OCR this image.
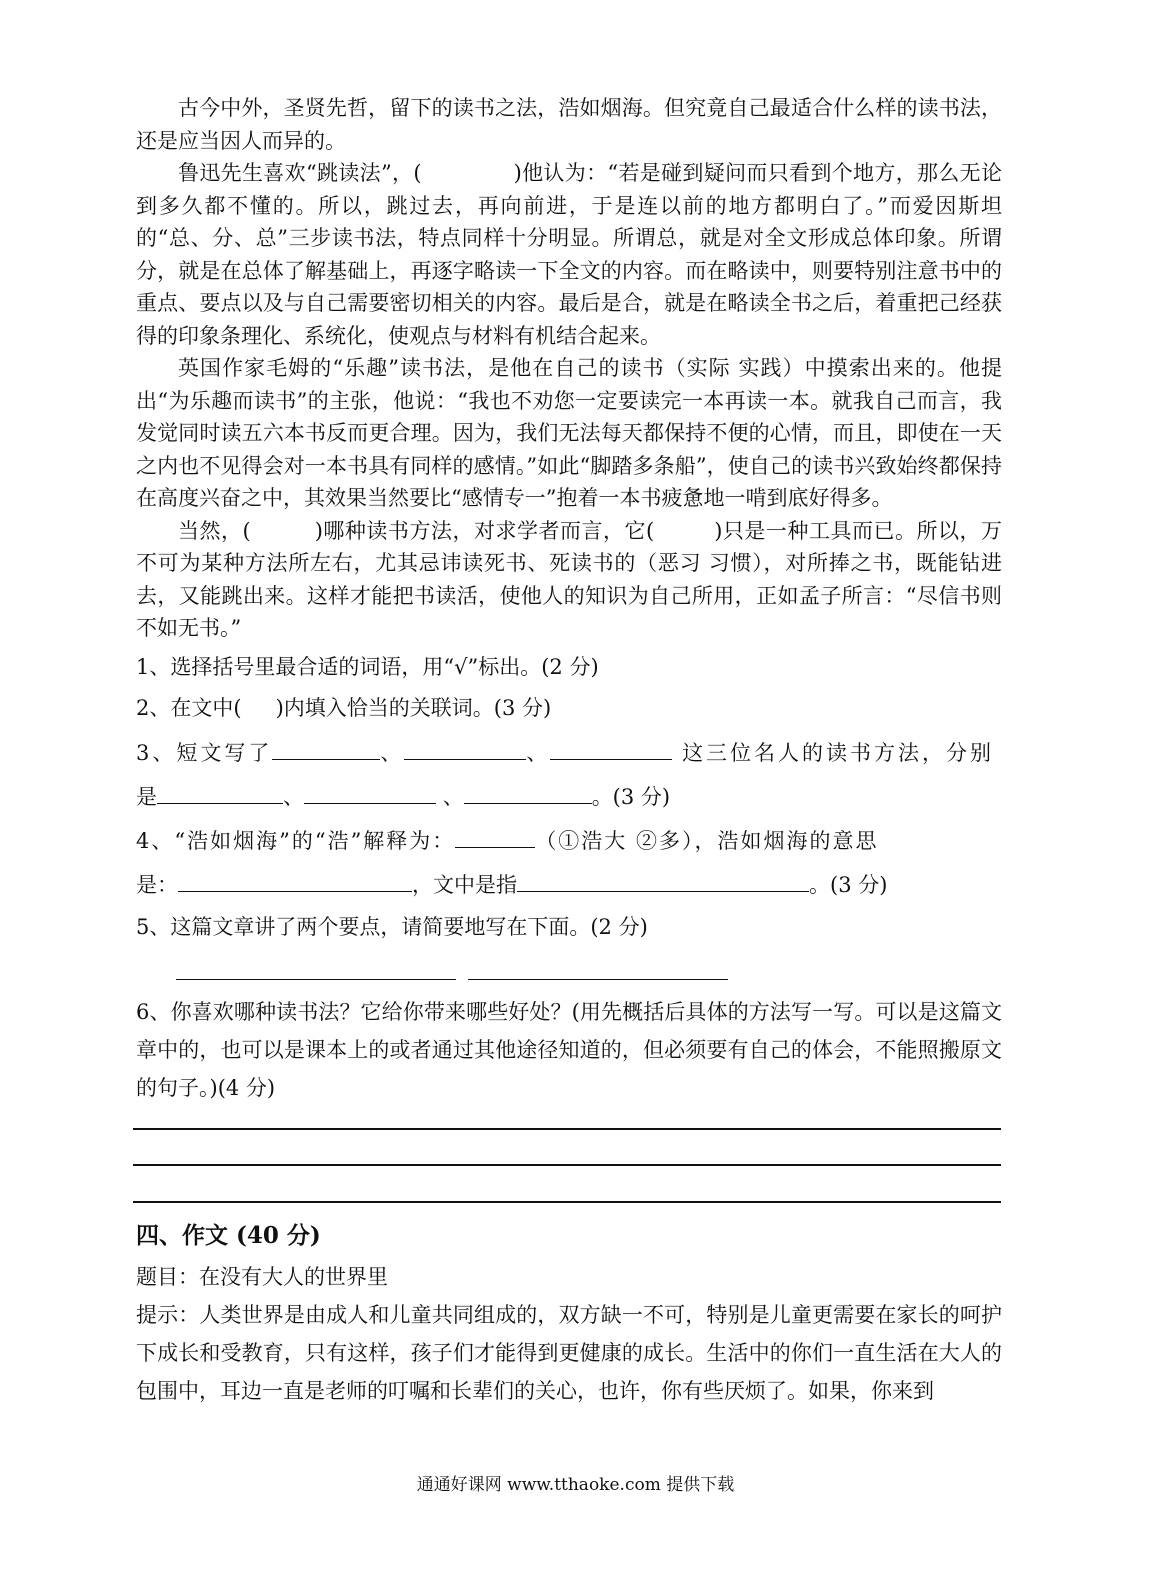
古今中外，圣贤先哲，留下的读书之法，浩如烟海。但究竟自己最适合什么样的读书法，还是应当因人而异的。

鲁迅先生喜欢“跳读法”，(	)他认为：“若是碰到疑问而只看到个地方，那么无论到多久都不懂的。所以，跳过去，再向前进，于是连以前的地方都明白了。”而爱因斯坦的“总、分、总”三步读书法，特点同样十分明显。所谓总，就是对全文形成总体印象。所谓分，就是在总体了解基础上，再逐字略读一下全文的内容。而在略读中，则要特别注意书中的重点、要点以及与自己需要密切相关的内容。最后是合，就是在略读全书之后，着重把己经获得的印象条理化、系统化，使观点与材料有机结合起来。

英国作家毛姆的“乐趣”读书法，是他在自己的读书（实际 实践）中摸索出来的。他提出“为乐趣而读书”的主张，他说：“我也不劝您一定要读完一本再读一本。就我自己而言，我发觉同时读五六本书反而更合理。因为，我们无法每天都保持不便的心情，而且，即使在一天之内也不见得会对一本书具有同样的感情。”如此“脚踏多条船”，使自己的读书兴致始终都保持在高度兴奋之中，其效果当然要比“感情专一”抱着一本书疲惫地一啃到底好得多。

当然，(	)哪种读书方法，对求学者而言，它(	)只是一种工具而已。所以，万不可为某种方法所左右，尤其忌讳读死书、死读书的（恶习 习惯），对所捧之书，既能钻进去，又能跳出来。这样才能把书读活，使他人的知识为自己所用，正如孟子所言：“尽信书则不如无书。”

1、选择括号里最合适的词语，用“√”标出。(2 分)

2、在文中( )内填入恰当的关联词。(3 分)

3、短文写了	、	、	这三位名人的读书方法，分别

是	、	、	。(3 分)

4、“浩如烟海”的“浩”解释为：	（①浩大 ②多），浩如烟海的意思

是：	，文中是指	。(3 分)

5、这篇文章讲了两个要点，请简要地写在下面。(2 分)

6、你喜欢哪种读书法？它给你带来哪些好处？(用先概括后具体的方法写一写。可以是这篇文章中的，也可以是课本上的或者通过其他途径知道的，但必须要有自己的体会，不能照搬原文的句子。)(4 分)

四、作文 (40 分)

题目：在没有大人的世界里

提示：人类世界是由成人和儿童共同组成的，双方缺一不可，特别是儿童更需要在家长的呵护下成长和受教育，只有这样，孩子们才能得到更健康的成长。生活中的你们一直生活在大人的包围中，耳边一直是老师的叮嘱和长辈们的关心，也许，你有些厌烦了。如果，你来到

通通好课网 www.tthaoke.com 提供下载
